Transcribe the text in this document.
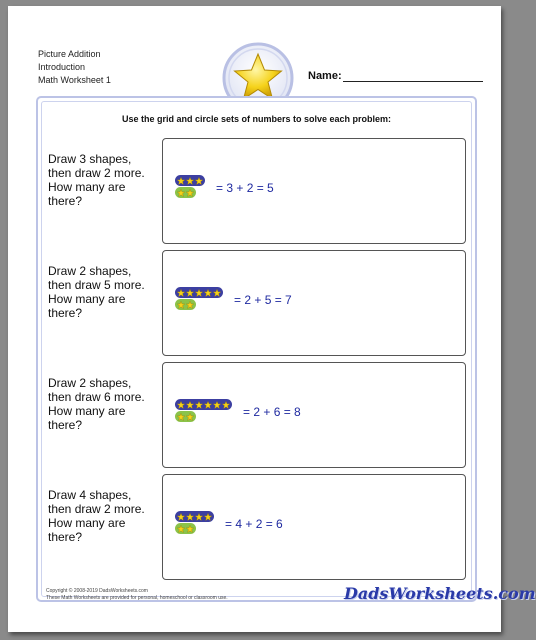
Picture Addition
Introduction
Math Worksheet 1	Name:
Use the grid and circle sets of numbers to solve each problem:
Draw 3 shapes,
then draw 2 more.
How many are
there?
= 3 + 2 = 5
Draw 2 shapes,
then draw 5 more.
How many are
there?
= 2 + 5 = 7
Draw 2 shapes,
then draw 6 more.
How many are
there?
= 2 + 6 = 8
Draw 4 shapes,
then draw 2 more.
How many are
there?
= 4 + 2 = 6
Copyright © 2008-2019 DadsWorksheets.com
These Math Worksheets are provided for personal, homeschool or classroom use.	DadsWorksheets.com
